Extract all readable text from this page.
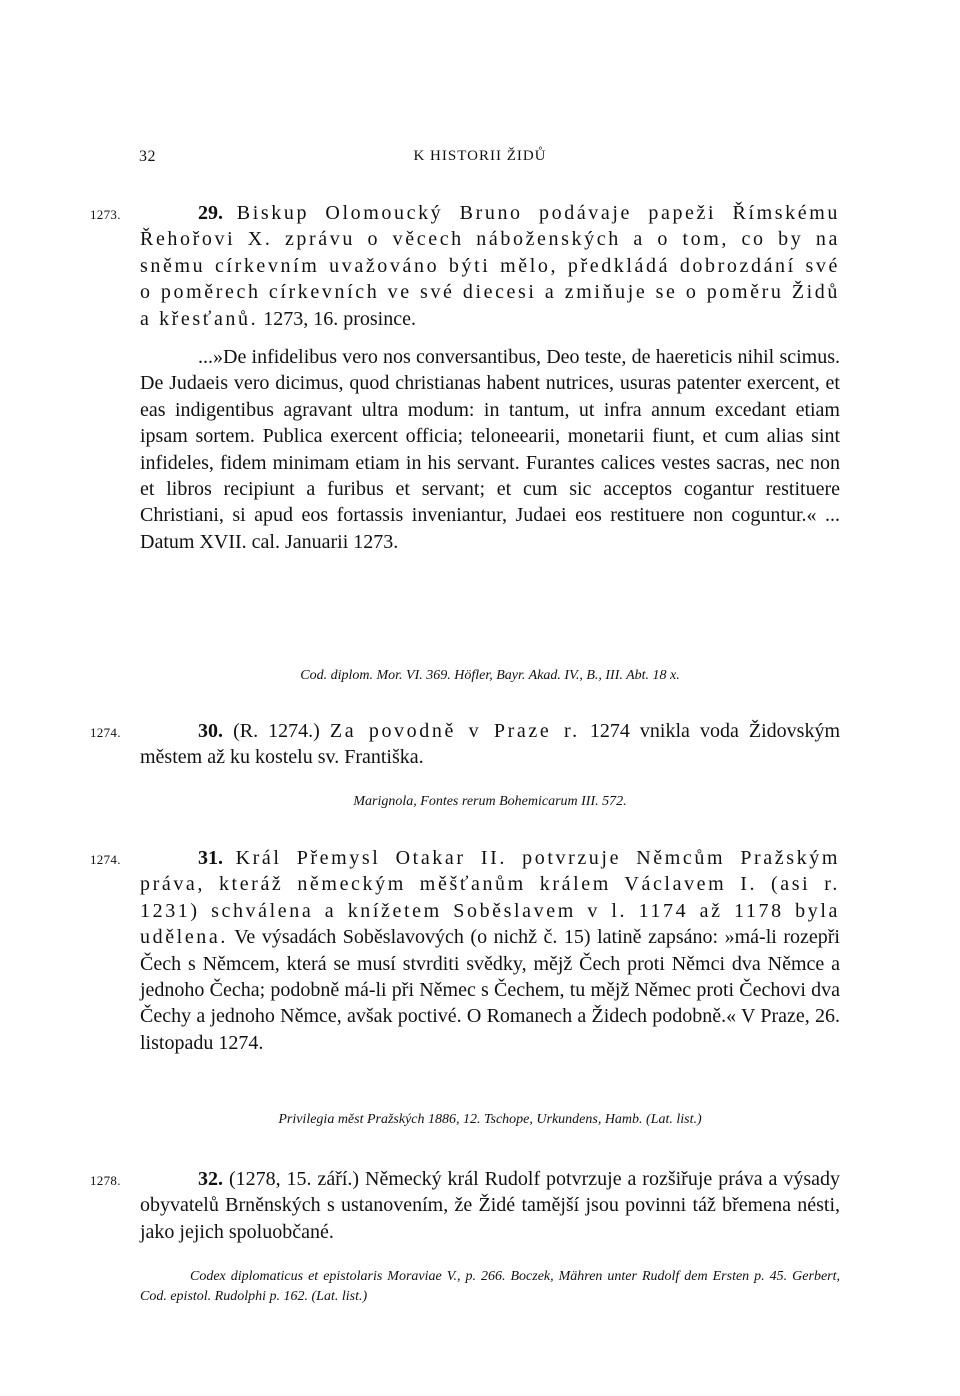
32	K HISTORII ŽIDŮ
1273.	29. Biskup Olomoucký Bruno podávaje papeži Římskému Řehořovi X. zprávu o věcech náboženských a o tom, co by na sněmu církevním uvažováno býti mělo, předkládá dobrozdání své o poměrech církevních ve své diecesi a zmiňuje se o poměru Židů a křesťanů. 1273, 16. prosince.

...»De infidelibus vero nos conversantibus, Deo teste, de haereticis nihil scimus. De Judaeis vero dicimus, quod christianas habent nutrices, usuras patenter exercent, et eas indigentibus agravant ultra modum: in tantum, ut infra annum excedant etiam ipsam sortem. Publica exercent officia; teloneearii, monetarii fiunt, et cum alias sint infideles, fidem minimam etiam in his servant. Furantes calices vestes sacras, nec non et libros recipiunt a furibus et servant; et cum sic acceptos cogantur restituere Christiani, si apud eos fortassis inveniantur, Judaei eos restituere non coguntur.« ... Datum XVII. cal. Januarii 1273.

Cod. diplom. Mor. VI. 369. Höfler, Bayr. Akad. IV., B., III. Abt. 18 x.

1274.	30. (R. 1274.) Za povodně v Praze r. 1274 vnikla voda Židovským městem až ku kostelu sv. Františka.

Marignola, Fontes rerum Bohemicarum III. 572.

1274.	31. Král Přemysl Otakar II. potvrzuje Němcům Pražským práva, kteráž německým měšťanům králem Václavem I. (asi r. 1231) schválena a knížetem Soběslavem v l. 1174 až 1178 byla udělena. Ve výsadách Soběslavových (o nichž č. 15) latině zapsáno: »má-li rozepři Čech s Němcem, která se musí stvrditi svědky, mějž Čech proti Němci dva Němce a jednoho Čecha; podobně má-li při Němec s Čechem, tu mějž Němec proti Čechovi dva Čechy a jednoho Němce, avšak poctivé. O Romanech a Židech podobně.« V Praze, 26. listopadu 1274.

Privilegia měst Pražských 1886, 12. Tschope, Urkundens, Hamb. (Lat. list.)

1278.	32. (1278, 15. září.) Německý král Rudolf potvrzuje a rozšiřuje práva a výsady obyvatelů Brněnských s ustanovením, že Židé tamější jsou povinni táž břemena nésti, jako jejich spoluobčané.

Codex diplomaticus et epistolaris Moraviae V., p. 266. Boczek, Mähren unter Rudolf dem Ersten p. 45. Gerbert, Cod. epistol. Rudolphi p. 162. (Lat. list.)
